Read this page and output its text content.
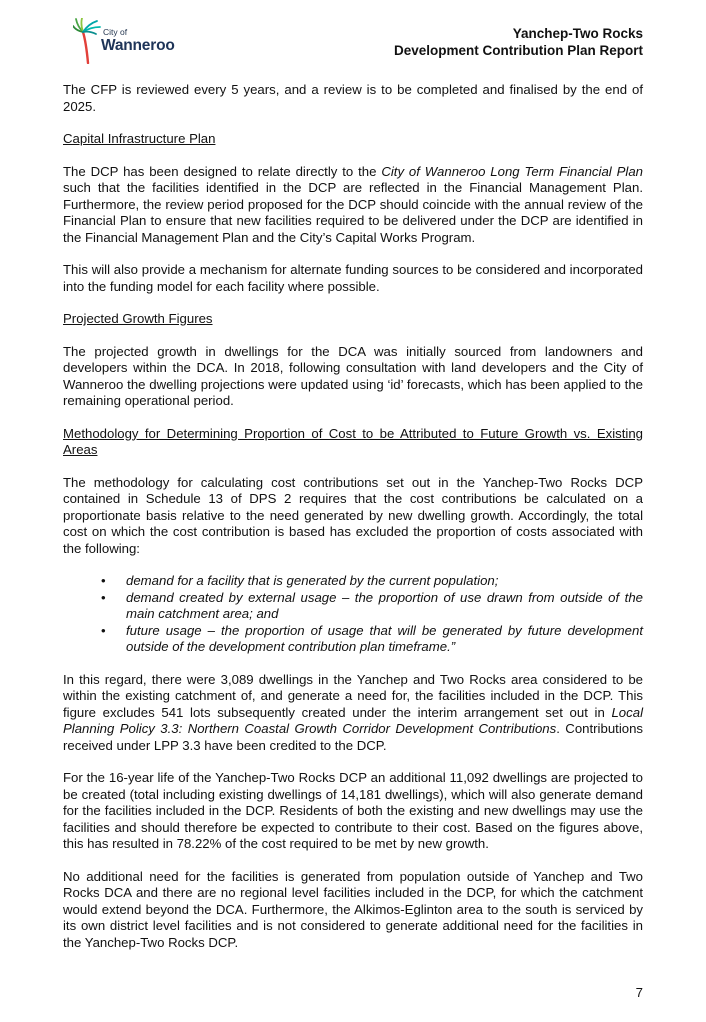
City of
Wanneroo
Yanchep-Two Rocks
Development Contribution Plan Report

The CFP is reviewed every 5 years, and a review is to be completed and finalised by the end of 2025.

Capital Infrastructure Plan

The DCP has been designed to relate directly to the City of Wanneroo Long Term Financial Plan such that the facilities identified in the DCP are reflected in the Financial Management Plan. Furthermore, the review period proposed for the DCP should coincide with the annual review of the Financial Plan to ensure that new facilities required to be delivered under the DCP are identified in the Financial Management Plan and the City’s Capital Works Program.

This will also provide a mechanism for alternate funding sources to be considered and incorporated into the funding model for each facility where possible.

Projected Growth Figures

The projected growth in dwellings for the DCA was initially sourced from landowners and developers within the DCA. In 2018, following consultation with land developers and the City of Wanneroo the dwelling projections were updated using ‘id’ forecasts, which has been applied to the remaining operational period.

Methodology for Determining Proportion of Cost to be Attributed to Future Growth vs. Existing Areas

The methodology for calculating cost contributions set out in the Yanchep-Two Rocks DCP contained in Schedule 13 of DPS 2 requires that the cost contributions be calculated on a proportionate basis relative to the need generated by new dwelling growth. Accordingly, the total cost on which the cost contribution is based has excluded the proportion of costs associated with the following:

• demand for a facility that is generated by the current population;
• demand created by external usage – the proportion of use drawn from outside of the main catchment area; and
• future usage – the proportion of usage that will be generated by future development outside of the development contribution plan timeframe.”

In this regard, there were 3,089 dwellings in the Yanchep and Two Rocks area considered to be within the existing catchment of, and generate a need for, the facilities included in the DCP. This figure excludes 541 lots subsequently created under the interim arrangement set out in Local Planning Policy 3.3: Northern Coastal Growth Corridor Development Contributions. Contributions received under LPP 3.3 have been credited to the DCP.

For the 16-year life of the Yanchep-Two Rocks DCP an additional 11,092 dwellings are projected to be created (total including existing dwellings of 14,181 dwellings), which will also generate demand for the facilities included in the DCP. Residents of both the existing and new dwellings may use the facilities and should therefore be expected to contribute to their cost. Based on the figures above, this has resulted in 78.22% of the cost required to be met by new growth.

No additional need for the facilities is generated from population outside of Yanchep and Two Rocks DCA and there are no regional level facilities included in the DCP, for which the catchment would extend beyond the DCA. Furthermore, the Alkimos-Eglinton area to the south is serviced by its own district level facilities and is not considered to generate additional need for the facilities in the Yanchep-Two Rocks DCP.

7
